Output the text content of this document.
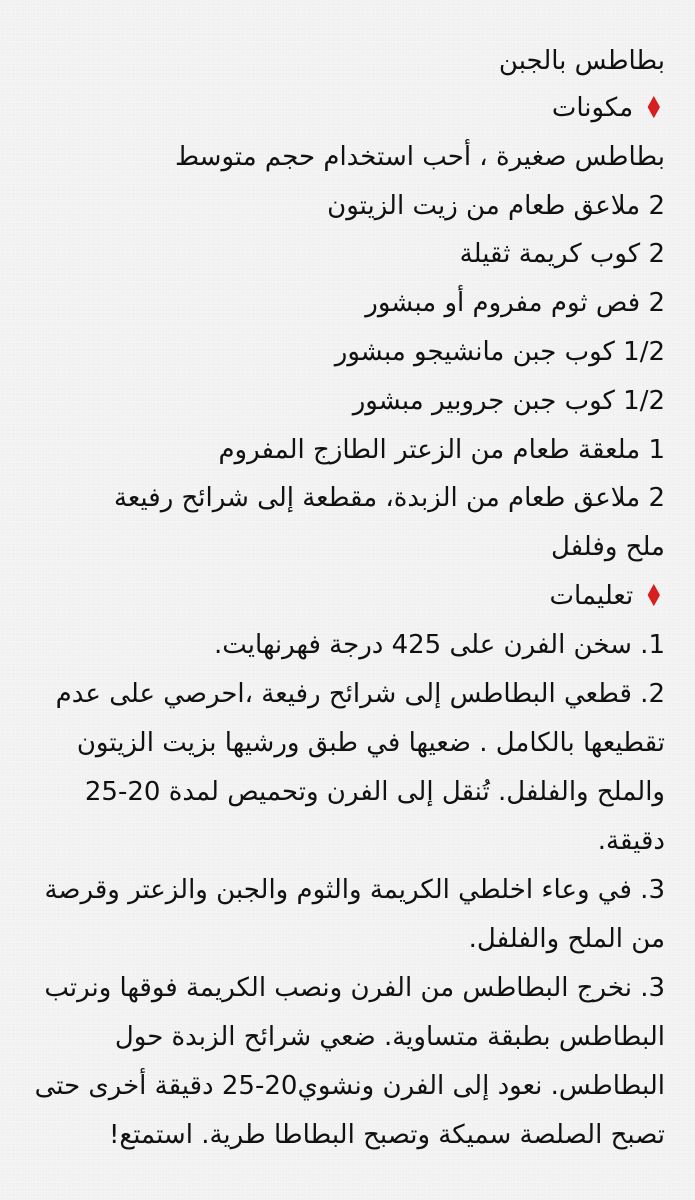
بطاطس بالجبن
♦ مكونات
بطاطس صغيرة ، أحب استخدام حجم متوسط
2 ملاعق طعام من زيت الزيتون
2 كوب كريمة ثقيلة
2 فص ثوم مفروم أو مبشور
1/2 كوب جبن مانشيجو مبشور
1/2 كوب جبن جروبير مبشور
1 ملعقة طعام من الزعتر الطازج المفروم
2 ملاعق طعام من الزبدة، مقطعة إلى شرائح رفيعة
ملح وفلفل
♦ تعليمات
1. سخن الفرن على 425 درجة فهرنهايت.
2. قطعي البطاطس إلى شرائح رفيعة ،احرصي على عدم تقطيعها بالكامل . ضعيها في طبق ورشيها بزيت الزيتون والملح والفلفل. تُنقل إلى الفرن وتحميص لمدة 20-25 دقيقة.
3. في وعاء اخلطي الكريمة والثوم والجبن والزعتر وقرصة من الملح والفلفل.
3. نخرج البطاطس من الفرن ونصب الكريمة فوقها ونرتب البطاطس بطبقة متساوية. ضعي شرائح الزبدة حول البطاطس. نعود إلى الفرن ونشوي20-25 دقيقة أخرى حتى تصبح الصلصة سميكة وتصبح البطاطا طرية. استمتع!
